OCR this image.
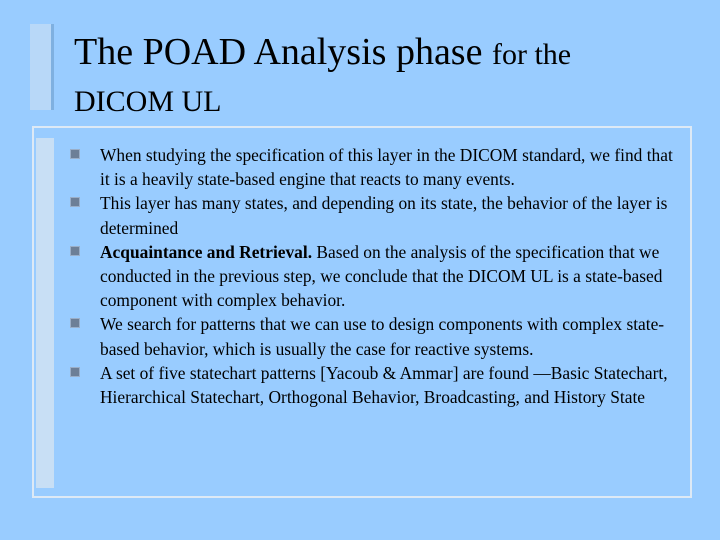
The POAD Analysis phase for the
DICOM UL

When studying the specification of this layer in the DICOM standard, we find that it is a heavily state-based engine that reacts to many events.

This layer has many states, and depending on its state, the behavior of the layer is determined

Acquaintance and Retrieval. Based on the analysis of the specification that we conducted in the previous step, we conclude that the DICOM UL is a state-based component with complex behavior.

We search for patterns that we can use to design components with complex state-based behavior, which is usually the case for reactive systems.

A set of five statechart patterns [Yacoub & Ammar] are found —Basic Statechart, Hierarchical Statechart, Orthogonal Behavior, Broadcasting, and History State
